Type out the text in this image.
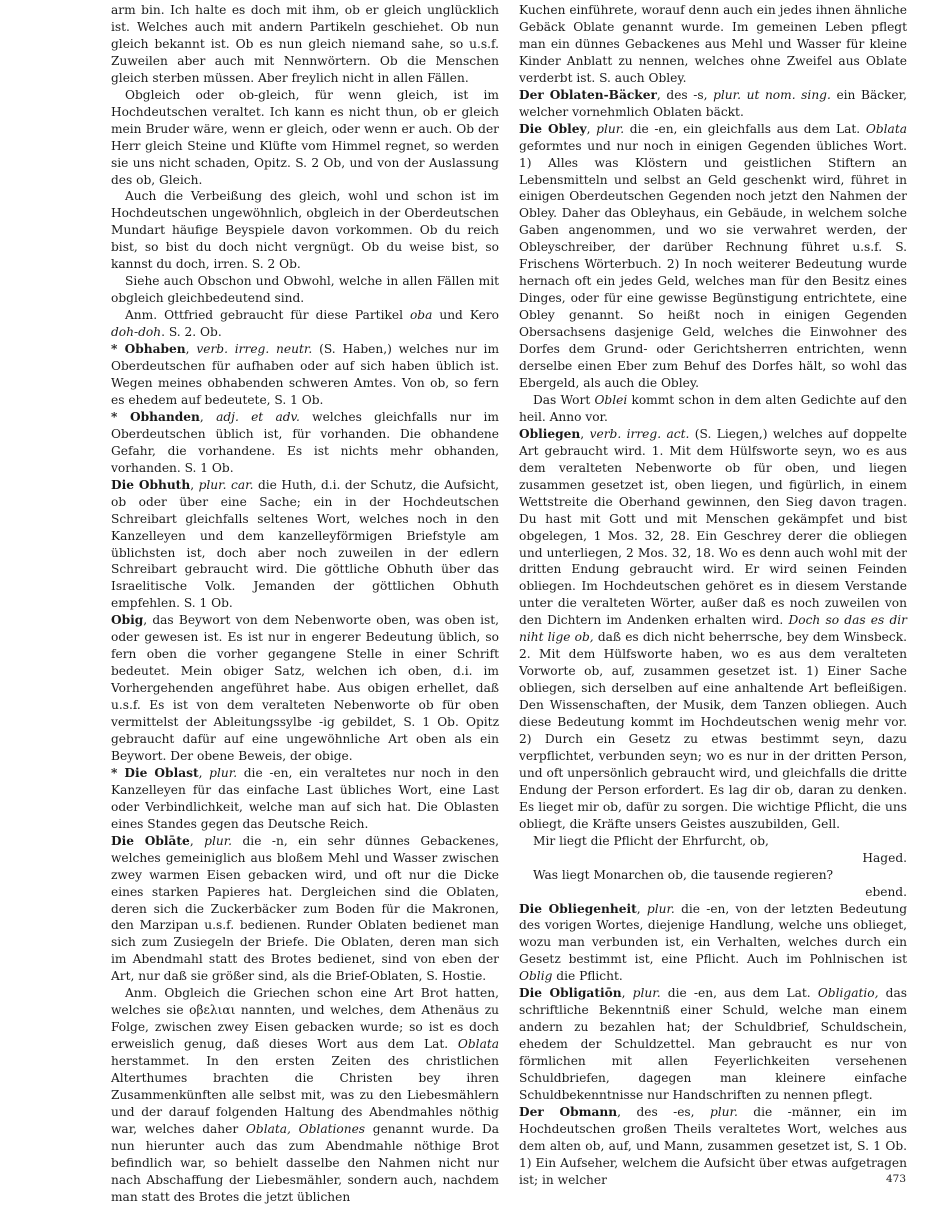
arm bin. Ich halte es doch mit ihm, ob er gleich unglücklich ist. Welches auch mit andern Partikeln geschiehet. Ob nun gleich bekannt ist. Ob es nun gleich niemand sahe, so u.s.f. Zuweilen aber auch mit Nennwörtern. Ob die Menschen gleich sterben müssen. Aber freylich nicht in allen Fällen.

Obgleich oder ob-gleich, für wenn gleich, ist im Hochdeutschen veraltet. Ich kann es nicht thun, ob er gleich mein Bruder wäre, wenn er gleich, oder wenn er auch. Ob der Herr gleich Steine und Klüfte vom Himmel regnet, so werden sie uns nicht schaden, Opitz. S. 2 Ob, und von der Auslassung des ob, Gleich.

Auch die Verbeißung des gleich, wohl und schon ist im Hochdeutschen ungewöhnlich, obgleich in der Oberdeutschen Mundart häufige Beyspiele davon vorkommen. Ob du reich bist, so bist du doch nicht vergnügt. Ob du weise bist, so kannst du doch, irren. S. 2 Ob.

Siehe auch Obschon und Obwohl, welche in allen Fällen mit obgleich gleichbedeutend sind.

Anm. Ottfried gebraucht für diese Partikel oba und Kero doh-doh. S. 2. Ob.

* Obhaben, verb. irreg. neutr. (S. Haben,) welches nur im Oberdeutschen für aufhaben oder auf sich haben üblich ist. Wegen meines obhabenden schweren Amtes. Von ob, so fern es ehedem auf bedeutete, S. 1 Ob.

* Obhanden, adj. et adv. welches gleichfalls nur im Oberdeutschen üblich ist, für vorhanden. Die obhandene Gefahr, die vorhandene. Es ist nichts mehr obhanden, vorhanden. S. 1 Ob.

Die Obhuth, plur. car. die Huth, d.i. der Schutz, die Aufsicht, ob oder über eine Sache; ein in der Hochdeutschen Schreibart gleichfalls seltenes Wort, welches noch in den Kanzelleyen und dem kanzelleyförmigen Briefstyle am üblichsten ist, doch aber noch zuweilen in der edlern Schreibart gebraucht wird. Die göttliche Obhuth über das Israelitische Volk. Jemanden der göttlichen Obhuth empfehlen. S. 1 Ob.

Obig, das Beywort von dem Nebenworte oben, was oben ist, oder gewesen ist. Es ist nur in engerer Bedeutung üblich, so fern oben die vorher gegangene Stelle in einer Schrift bedeutet. Mein obiger Satz, welchen ich oben, d.i. im Vorhergehenden angeführet habe. Aus obigen erhellet, daß u.s.f. Es ist von dem veralteten Nebenworte ob für oben vermittelst der Ableitungssylbe -ig gebildet, S. 1 Ob. Opitz gebraucht dafür auf eine ungewöhnliche Art oben als ein Beywort. Der obene Beweis, der obige.

* Die Oblast, plur. die -en, ein veraltetes nur noch in den Kanzelleyen für das einfache Last übliches Wort, eine Last oder Verbindlichkeit, welche man auf sich hat. Die Oblasten eines Standes gegen das Deutsche Reich.

Die Oblāte, plur. die -n, ein sehr dünnes Gebackenes, welches gemeiniglich aus bloßem Mehl und Wasser zwischen zwey warmen Eisen gebacken wird, und oft nur die Dicke eines starken Papieres hat. Dergleichen sind die Oblaten, deren sich die Zuckerbäcker zum Boden für die Makronen, den Marzipan u.s.f. bedienen. Runder Oblaten bedienet man sich zum Zusiegeln der Briefe. Die Oblaten, deren man sich im Abendmahl statt des Brotes bedienet, sind von eben der Art, nur daß sie größer sind, als die Brief-Oblaten, S. Hostie.

Anm. Obgleich die Griechen schon eine Art Brot hatten, welches sie οβελιαι nannten, und welches, dem Athenäus zu Folge, zwischen zwey Eisen gebacken wurde; so ist es doch erweislich genug, daß dieses Wort aus dem Lat. Oblata herstammet. In den ersten Zeiten des christlichen Alterthumes brachten die Christen bey ihren Zusammenkünften alle selbst mit, was zu den Liebesmählern und der darauf folgenden Haltung des Abendmahles nöthig war, welches daher Oblata, Oblationes genannt wurde. Da nun hierunter auch das zum Abendmahle nöthige Brot befindlich war, so behielt dasselbe den Nahmen nicht nur nach Abschaffung der Liebesmähler, sondern auch, nachdem man statt des Brotes die jetzt üblichen

Kuchen einführete, worauf denn auch ein jedes ihnen ähnliche Gebäck Oblate genannt wurde. Im gemeinen Leben pflegt man ein dünnes Gebackenes aus Mehl und Wasser für kleine Kinder Anblatt zu nennen, welches ohne Zweifel aus Oblate verderbt ist. S. auch Obley.

Der Oblaten-Bäcker, des -s, plur. ut nom. sing. ein Bäcker, welcher vornehmlich Oblaten bäckt.

Die Obley, plur. die -en, ein gleichfalls aus dem Lat. Oblata geformtes und nur noch in einigen Gegenden übliches Wort. 1) Alles was Klöstern und geistlichen Stiftern an Lebensmitteln und selbst an Geld geschenkt wird, führet in einigen Oberdeutschen Gegenden noch jetzt den Nahmen der Obley. Daher das Obleyhaus, ein Gebäude, in welchem solche Gaben angenommen, und wo sie verwahret werden, der Obleyschreiber, der darüber Rechnung führet u.s.f. S. Frischens Wörterbuch. 2) In noch weiterer Bedeutung wurde hernach oft ein jedes Geld, welches man für den Besitz eines Dinges, oder für eine gewisse Begünstigung entrichtete, eine Obley genannt. So heißt noch in einigen Gegenden Obersachsens dasjenige Geld, welches die Einwohner des Dorfes dem Grund- oder Gerichtsherren entrichten, wenn derselbe einen Eber zum Behuf des Dorfes hält, so wohl das Ebergeld, als auch die Obley.

Das Wort Oblei kommt schon in dem alten Gedichte auf den heil. Anno vor.

Obliegen, verb. irreg. act. (S. Liegen,) welches auf doppelte Art gebraucht wird. 1. Mit dem Hülfsworte seyn, wo es aus dem veralteten Nebenworte ob für oben, und liegen zusammen gesetzet ist, oben liegen, und figürlich, in einem Wettstreite die Oberhand gewinnen, den Sieg davon tragen. Du hast mit Gott und mit Menschen gekämpfet und bist obgelegen, 1 Mos. 32, 28. Ein Geschrey derer die obliegen und unterliegen, 2 Mos. 32, 18. Wo es denn auch wohl mit der dritten Endung gebraucht wird. Er wird seinen Feinden obliegen. Im Hochdeutschen gehöret es in diesem Verstande unter die veralteten Wörter, außer daß es noch zuweilen von den Dichtern im Andenken erhalten wird. Doch so das es dir niht lige ob, daß es dich nicht beherrsche, bey dem Winsbeck. 2. Mit dem Hülfsworte haben, wo es aus dem veralteten Vorworte ob, auf, zusammen gesetzet ist. 1) Einer Sache obliegen, sich derselben auf eine anhaltende Art befleißigen. Den Wissenschaften, der Musik, dem Tanzen obliegen. Auch diese Bedeutung kommt im Hochdeutschen wenig mehr vor. 2) Durch ein Gesetz zu etwas bestimmt seyn, dazu verpflichtet, verbunden seyn; wo es nur in der dritten Person, und oft unpersönlich gebraucht wird, und gleichfalls die dritte Endung der Person erfordert. Es lag dir ob, daran zu denken. Es lieget mir ob, dafür zu sorgen. Die wichtige Pflicht, die uns obliegt, die Kräfte unsers Geistes auszubilden, Gell.

Mir liegt die Pflicht der Ehrfurcht, ob,

Haged.

Was liegt Monarchen ob, die tausende regieren?

ebend.

Die Obliegenheit, plur. die -en, von der letzten Bedeutung des vorigen Wortes, diejenige Handlung, welche uns oblieget, wozu man verbunden ist, ein Verhalten, welches durch ein Gesetz bestimmt ist, eine Pflicht. Auch im Pohlnischen ist Oblig die Pflicht.

Die Obligatiōn, plur. die -en, aus dem Lat. Obligatio, das schriftliche Bekenntniß einer Schuld, welche man einem andern zu bezahlen hat; der Schuldbrief, Schuldschein, ehedem der Schuldzettel. Man gebraucht es nur von förmlichen mit allen Feyerlichkeiten versehenen Schuldbriefen, dagegen man kleinere einfache Schuldbekenntnisse nur Handschriften zu nennen pflegt.

Der Obmann, des -es, plur. die -männer, ein im Hochdeutschen großen Theils veraltetes Wort, welches aus dem alten ob, auf, und Mann, zusammen gesetzet ist, S. 1 Ob. 1) Ein Aufseher, welchem die Aufsicht über etwas aufgetragen ist; in welcher	473
